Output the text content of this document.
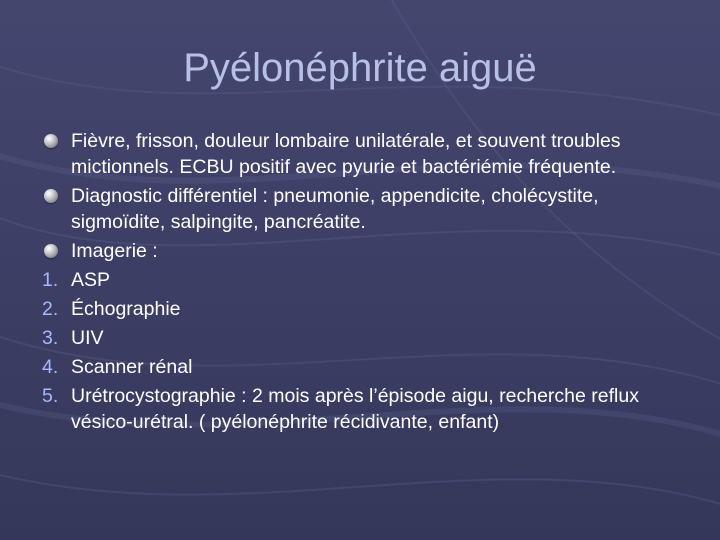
Pyélonéphrite aiguë
Fièvre, frisson, douleur lombaire unilatérale, et souvent troubles mictionnels. ECBU positif avec pyurie et bactériémie fréquente.
Diagnostic différentiel : pneumonie, appendicite, cholécystite, sigmoïdite, salpingite, pancréatite.
Imagerie :
1. ASP
2. Échographie
3. UIV
4. Scanner rénal
5. Urétrocystographie : 2 mois après l’épisode aigu, recherche reflux vésico-urétral. ( pyélonéphrite récidivante, enfant)
